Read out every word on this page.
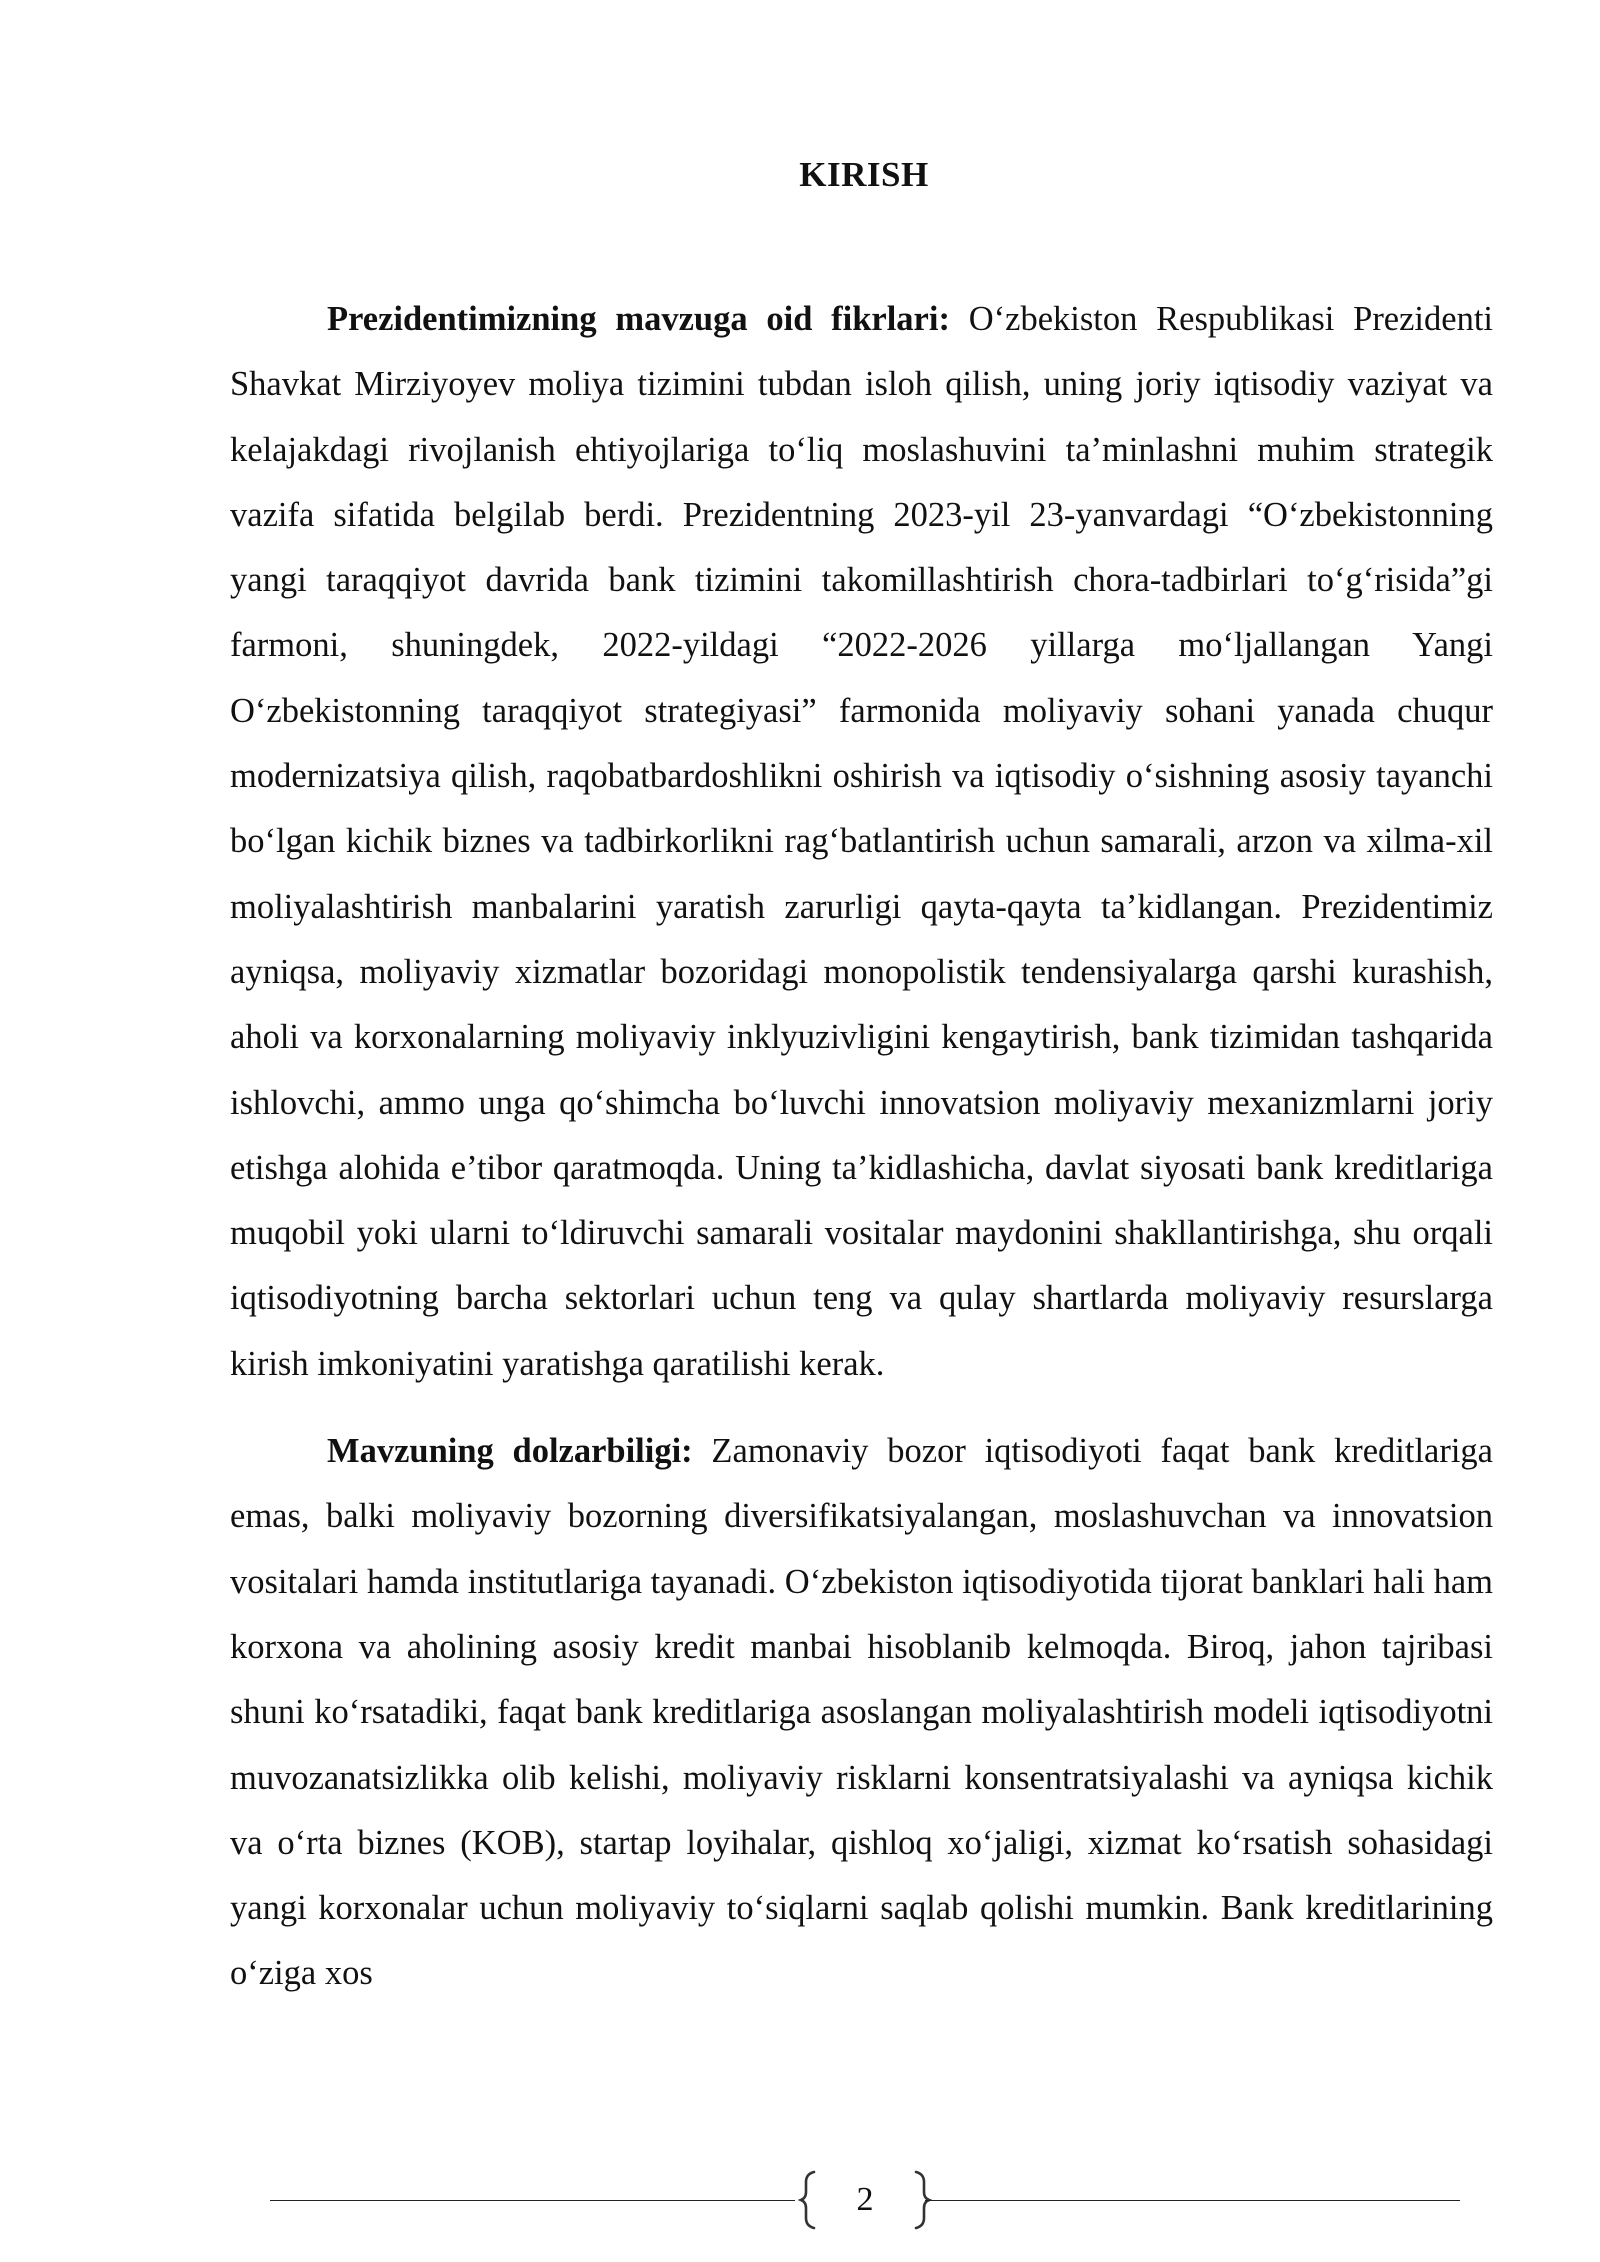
KIRISH

Prezidentimizning mavzuga oid fikrlari: O‘zbekiston Respublikasi Prezidenti Shavkat Mirziyoyev moliya tizimini tubdan isloh qilish, uning joriy iqtisodiy vaziyat va kelajakdagi rivojlanish ehtiyojlariga to‘liq moslashuvini ta’minlashni muhim strategik vazifa sifatida belgilab berdi. Prezidentning 2023-yil 23-yanvardagi “O‘zbekistonning yangi taraqqiyot davrida bank tizimini takomillashtirish chora-tadbirlari to‘g‘risida”gi farmoni, shuningdek, 2022-yildagi “2022-2026 yillarga mo‘ljallangan Yangi O‘zbekistonning taraqqiyot strategiyasi” farmonida moliyaviy sohani yanada chuqur modernizatsiya qilish, raqobatbardoshlikni oshirish va iqtisodiy o‘sishning asosiy tayanchi bo‘lgan kichik biznes va tadbirkorlikni rag‘batlantirish uchun samarali, arzon va xilma-xil moliyalashtirish manbalarini yaratish zarurligi qayta-qayta ta’kidlangan. Prezidentimiz ayniqsa, moliyaviy xizmatlar bozoridagi monopolistik tendensiyalarga qarshi kurashish, aholi va korxonalarning moliyaviy inklyuzivligini kengaytirish, bank tizimidan tashqarida ishlovchi, ammo unga qo‘shimcha bo‘luvchi innovatsion moliyaviy mexanizmlarni joriy etishga alohida e’tibor qaratmoqda. Uning ta’kidlashicha, davlat siyosati bank kreditlariga muqobil yoki ularni to‘ldiruvchi samarali vositalar maydonini shakllantirishga, shu orqali iqtisodiyotning barcha sektorlari uchun teng va qulay shartlarda moliyaviy resurslarga kirish imkoniyatini yaratishga qaratilishi kerak.

Mavzuning dolzarbiligi: Zamonaviy bozor iqtisodiyoti faqat bank kreditlariga emas, balki moliyaviy bozorning diversifikatsiyalangan, moslashuvchan va innovatsion vositalari hamda institutlariga tayanadi. O‘zbekiston iqtisodiyotida tijorat banklari hali ham korxona va aholining asosiy kredit manbai hisoblanib kelmoqda. Biroq, jahon tajribasi shuni ko‘rsatadiki, faqat bank kreditlariga asoslangan moliyalashtirish modeli iqtisodiyotni muvozanatsizlikka olib kelishi, moliyaviy risklarni konsentratsiyalashi va ayniqsa kichik va o‘rta biznes (KOB), startap loyihalar, qishloq xo‘jaligi, xizmat ko‘rsatish sohasidagi yangi korxonalar uchun moliyaviy to‘siqlarni saqlab qolishi mumkin. Bank kreditlarining o‘ziga xos

2
